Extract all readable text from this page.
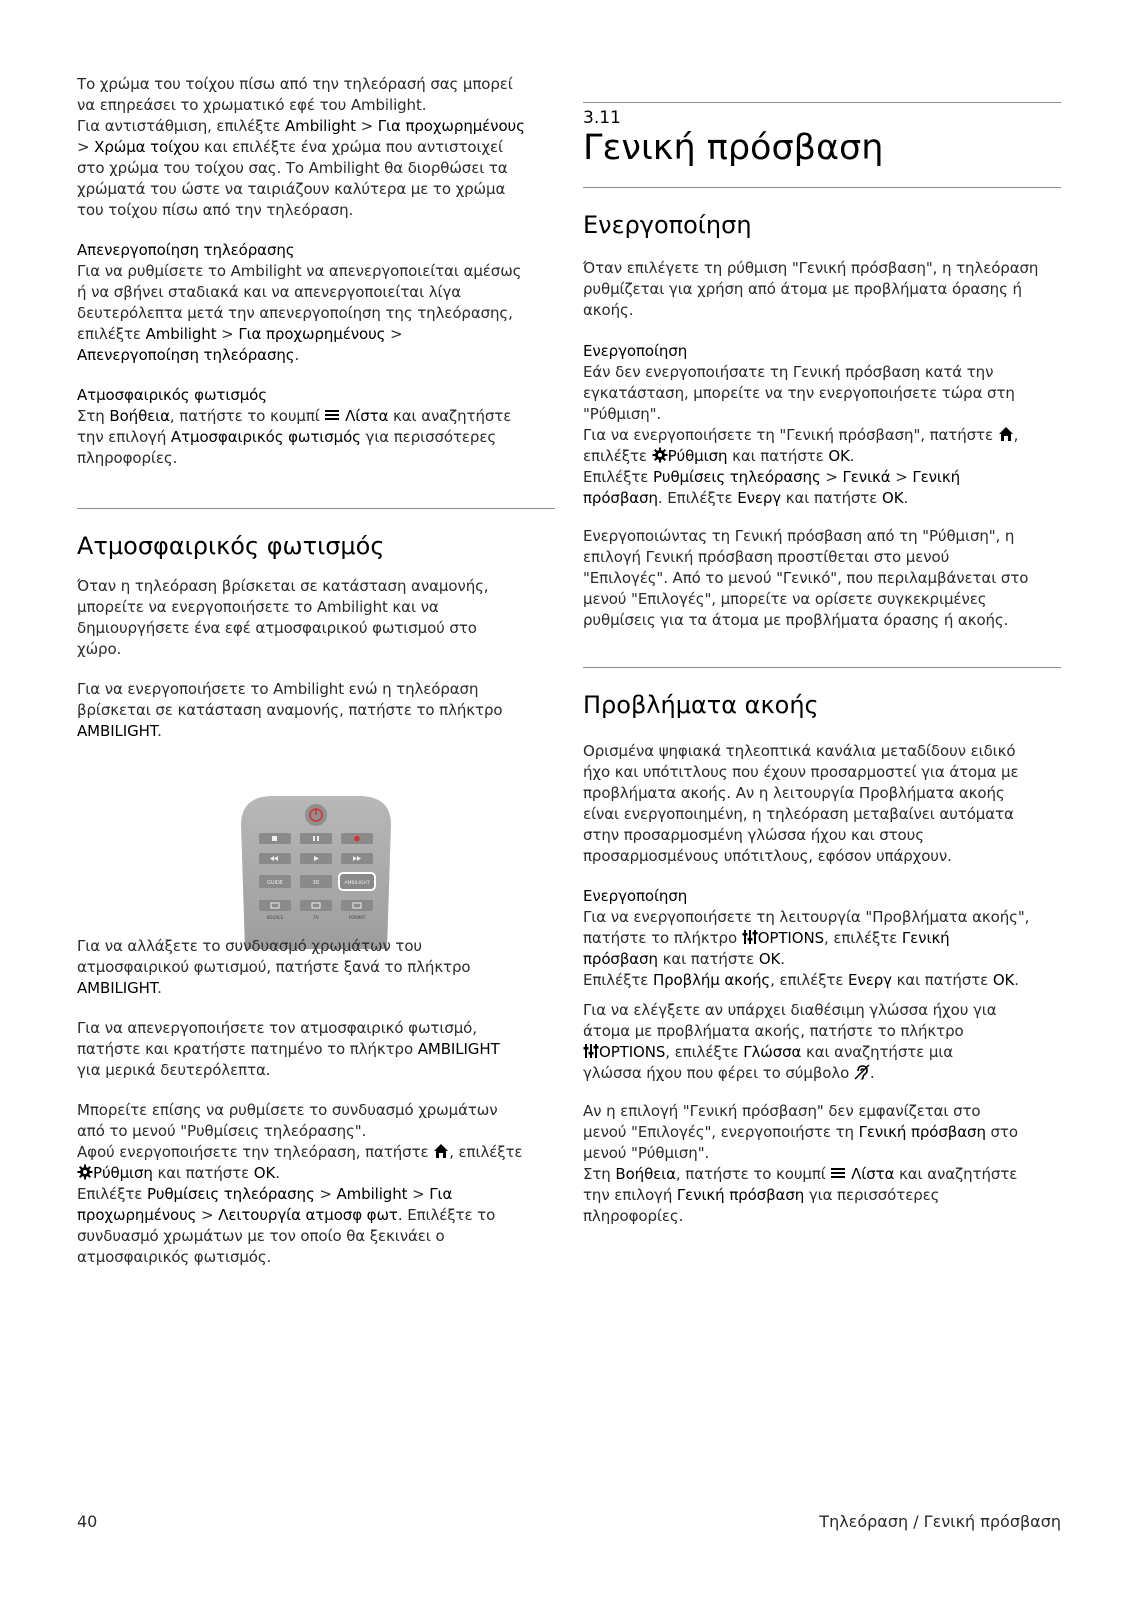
Το χρώμα του τοίχου πίσω από την τηλεόρασή σας μπορεί
να επηρεάσει το χρωματικό εφέ του Ambilight.
Για αντιστάθμιση, επιλέξτε Ambilight > Για προχωρημένους
> Χρώμα τοίχου και επιλέξτε ένα χρώμα που αντιστοιχεί
στο χρώμα του τοίχου σας. Το Ambilight θα διορθώσει τα
χρώματά του ώστε να ταιριάζουν καλύτερα με το χρώμα
του τοίχου πίσω από την τηλεόραση.
Απενεργοποίηση τηλεόρασης
Για να ρυθμίσετε το Ambilight να απενεργοποιείται αμέσως
ή να σβήνει σταδιακά και να απενεργοποιείται λίγα
δευτερόλεπτα μετά την απενεργοποίηση της τηλεόρασης,
επιλέξτε Ambilight > Για προχωρημένους >
Απενεργοποίηση τηλεόρασης.
Ατμοσφαιρικός φωτισμός
Στη Βοήθεια, πατήστε το κουμπί  Λίστα και αναζητήστε
την επιλογή Ατμοσφαιρικός φωτισμός για περισσότερες
πληροφορίες.
Ατμοσφαιρικός φωτισμός
Όταν η τηλεόραση βρίσκεται σε κατάσταση αναμονής,
μπορείτε να ενεργοποιήσετε το Ambilight και να
δημιουργήσετε ένα εφέ ατμοσφαιρικού φωτισμού στο
χώρο.
Για να ενεργοποιήσετε το Ambilight ενώ η τηλεόραση
βρίσκεται σε κατάσταση αναμονής, πατήστε το πλήκτρο
AMBILIGHT.
GUIDE	3D	AMBILIGHT
SOURCE	TV	FORMAT
Για να αλλάξετε το συνδυασμό χρωμάτων του
ατμοσφαιρικού φωτισμού, πατήστε ξανά το πλήκτρο
AMBILIGHT.
Για να απενεργοποιήσετε τον ατμοσφαιρικό φωτισμό,
πατήστε και κρατήστε πατημένο το πλήκτρο AMBILIGHT
για μερικά δευτερόλεπτα.
Μπορείτε επίσης να ρυθμίσετε το συνδυασμό χρωμάτων
από το μενού "Ρυθμίσεις τηλεόρασης".
Αφού ενεργοποιήσετε την τηλεόραση, πατήστε , επιλέξτε
Ρύθμιση και πατήστε OK.
Επιλέξτε Ρυθμίσεις τηλεόρασης > Ambilight > Για
προχωρημένους > Λειτουργία ατμοσφ φωτ. Επιλέξτε το
συνδυασμό χρωμάτων με τον οποίο θα ξεκινάει ο
ατμοσφαιρικός φωτισμός.
40
3.11
Γενική πρόσβαση
Ενεργοποίηση
Όταν επιλέγετε τη ρύθμιση "Γενική πρόσβαση", η τηλεόραση
ρυθμίζεται για χρήση από άτομα με προβλήματα όρασης ή
ακοής.
Ενεργοποίηση
Εάν δεν ενεργοποιήσατε τη Γενική πρόσβαση κατά την
εγκατάσταση, μπορείτε να την ενεργοποιήσετε τώρα στη
"Ρύθμιση".
Για να ενεργοποιήσετε τη "Γενική πρόσβαση", πατήστε ,
επιλέξτε Ρύθμιση και πατήστε OK.
Επιλέξτε Ρυθμίσεις τηλεόρασης > Γενικά > Γενική
πρόσβαση. Επιλέξτε Ενεργ και πατήστε OK.
Ενεργοποιώντας τη Γενική πρόσβαση από τη "Ρύθμιση", η
επιλογή Γενική πρόσβαση προστίθεται στο μενού
"Επιλογές". Από το μενού "Γενικό", που περιλαμβάνεται στο
μενού "Επιλογές", μπορείτε να ορίσετε συγκεκριμένες
ρυθμίσεις για τα άτομα με προβλήματα όρασης ή ακοής.
Προβλήματα ακοής
Ορισμένα ψηφιακά τηλεοπτικά κανάλια μεταδίδουν ειδικό
ήχο και υπότιτλους που έχουν προσαρμοστεί για άτομα με
προβλήματα ακοής. Αν η λειτουργία Προβλήματα ακοής
είναι ενεργοποιημένη, η τηλεόραση μεταβαίνει αυτόματα
στην προσαρμοσμένη γλώσσα ήχου και στους
προσαρμοσμένους υπότιτλους, εφόσον υπάρχουν.
Ενεργοποίηση
Για να ενεργοποιήσετε τη λειτουργία "Προβλήματα ακοής",
πατήστε το πλήκτρο OPTIONS, επιλέξτε Γενική
πρόσβαση και πατήστε OK.
Επιλέξτε Προβλήμ ακοής, επιλέξτε Ενεργ και πατήστε OK.
Για να ελέγξετε αν υπάρχει διαθέσιμη γλώσσα ήχου για
άτομα με προβλήματα ακοής, πατήστε το πλήκτρο
OPTIONS, επιλέξτε Γλώσσα και αναζητήστε μια
γλώσσα ήχου που φέρει το σύμβολο .
Αν η επιλογή "Γενική πρόσβαση" δεν εμφανίζεται στο
μενού "Επιλογές", ενεργοποιήστε τη Γενική πρόσβαση στο
μενού "Ρύθμιση".
Στη Βοήθεια, πατήστε το κουμπί  Λίστα και αναζητήστε
την επιλογή Γενική πρόσβαση για περισσότερες
πληροφορίες.
Τηλεόραση / Γενική πρόσβαση
